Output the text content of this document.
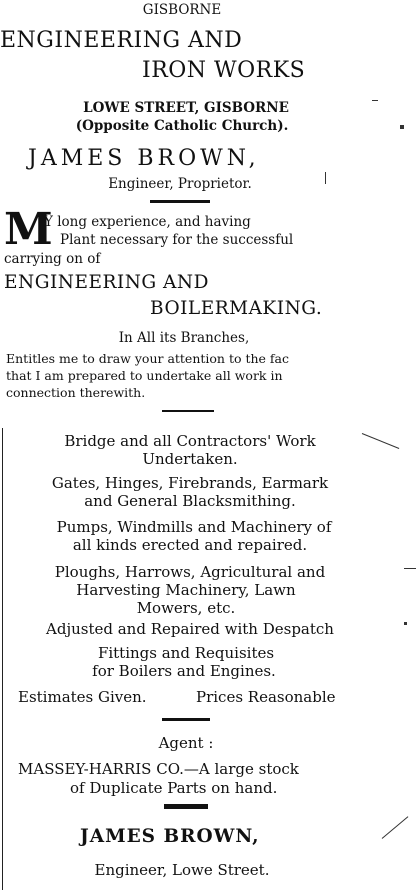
GISBORNE
ENGINEERING AND
IRON WORKS
LOWE STREET, GISBORNE
(Opposite Catholic Church).
JAMES BROWN,
Engineer, Proprietor.
M
Y long experience, and having
Plant necessary for the successful
carrying on of
ENGINEERING AND
BOILERMAKING.
In All its Branches,
Entitles me to draw your attention to the fac
that I am prepared to undertake all work in
connection therewith.
Bridge and all Contractors' Work
Undertaken.
Gates, Hinges, Firebrands, Earmark
and General Blacksmithing.
Pumps, Windmills and Machinery of
all kinds erected and repaired.
Ploughs, Harrows, Agricultural and
Harvesting Machinery, Lawn
Mowers, etc.
Adjusted and Repaired with Despatch
Fittings and Requisites
for Boilers and Engines.
Estimates Given.	Prices Reasonable
Agent :
MASSEY-HARRIS CO.—A large stock
of Duplicate Parts on hand.
JAMES BROWN,
Engineer, Lowe Street.
